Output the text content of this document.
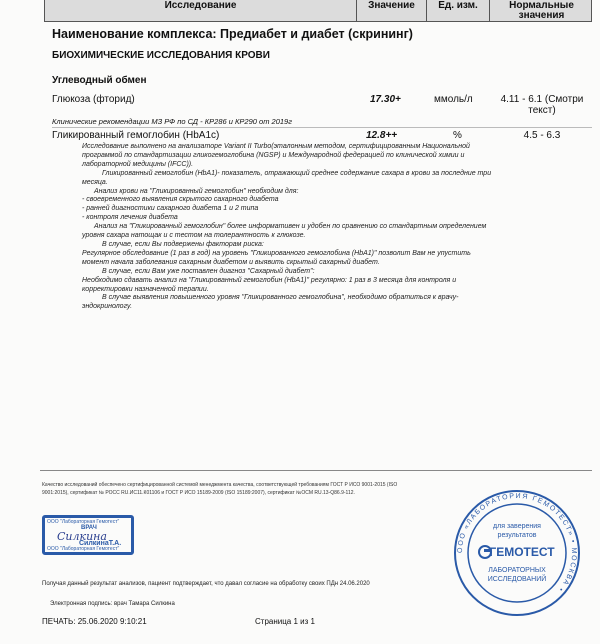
Исследование	Значение	Ед. изм.	Нормальные
значения
Наименование комплекса: Предиабет и диабет (скрининг)
БИОХИМИЧЕСКИЕ ИССЛЕДОВАНИЯ КРОВИ
Углеводный обмен
Глюкоза (фторид)	17.30+	ммоль/л	4.11 - 6.1 (Смотри
текст)
Клинические рекомендации МЗ РФ по СД - КР286 и КР290 от 2019г
Гликированный гемоглобин (HbA1c)	12.8++	%	4.5 - 6.3

Исследование выполнено на анализаторе Variant II Turbo(эталонным методом, сертифицированным Национальной

программой по стандартизации гликогемоглобина (NGSP) и Международной федерацией по клинической химии и

лабораторной медицины (IFCC)).

Гликированный гемоглобин (HbA1)- показатель, отражающий среднее содержание сахара в крови за последние три

месяца.

Анализ крови на "Гликированный гемоглобин" необходим для:

- своевременного выявления скрытого сахарного диабета

- ранней диагностики сахарного диабета 1 и 2 типа

- контроля лечения диабета

Анализ на "Гликированный гемоглобин" более информативен и удобен по сравнению со стандартным определением

уровня сахара натощак и с тестом на толерантность к глюкозе.

В случае, если Вы подвержены факторам риска:

Регулярное обследование (1 раз в год) на уровень "Гликированного гемоглобина (HbA1)" позволит Вам не упустить

момент начала заболевания сахарным диабетом и выявить скрытый сахарный диабет.

В случае, если Вам уже поставлен диагноз "Сахарный диабет":

Необходимо сдавать анализ на "Гликированный гемоглобин (HbA1)" регулярно: 1 раз в 3 месяца для контроля и

корректировки назначенной терапии.

В случае выявления повышенного уровня "Гликированного гемоглобина", необходимо обратиться к врачу-

эндокринологу.

Качество исследований обеспечено сертифицированной системой менеджмента качества, соответствующей требованиям ГОСТ Р ИСО 9001-2015 (ISO
9001:2015), сертификат № РОСС RU.ИС11.К01106 и ГОСТ Р ИСО 15189-2009 (ISO 15189:2007), сертификат №ОСМ RU.13-Q86.9-112.
ООО "Лабораторная Гемотест"
ВРАЧ
Силкина
СилкинаТ.А.
ООО "Лабораторная Гемотест"	ООО «ЛАБОРАТОРИЯ ГЕМОТЕСТ» • МОСКВА •
для заверения
результатов
ГЕМОТЕСТ
ЛАБОРАТОРНЫХ
ИССЛЕДОВАНИЙ
Получая данный результат анализов, пациент подтверждает, что давал согласие на обработку своих ПДн 24.06.2020
Электронная подпись: врач Тамара Силкина
ПЕЧАТЬ: 25.06.2020 9:10:21	Страница 1 из 1
